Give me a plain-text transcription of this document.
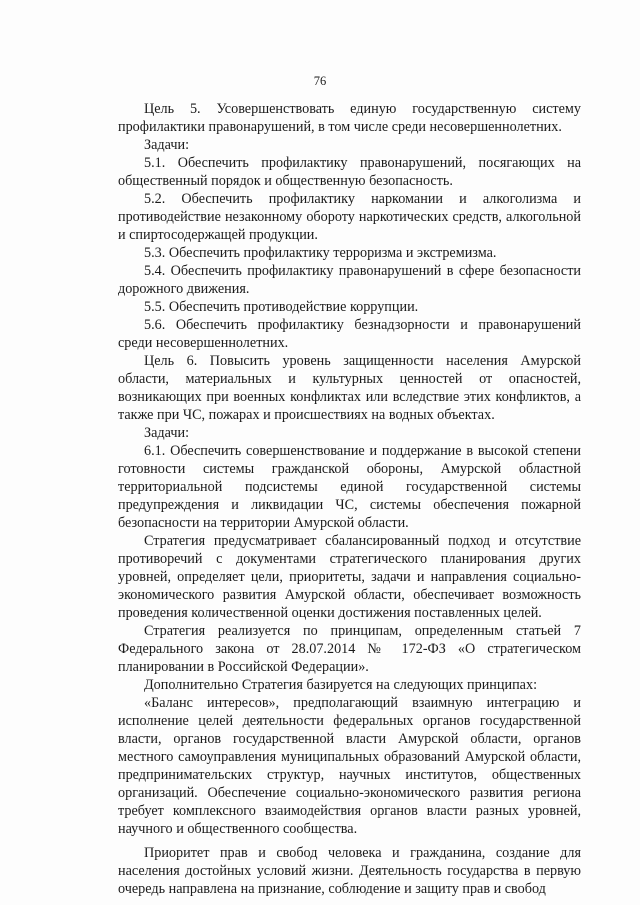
76

Цель 5. Усовершенствовать единую государственную систему профилактики правонарушений, в том числе среди несовершеннолетних.

Задачи:

5.1. Обеспечить профилактику правонарушений, посягающих на общественный порядок и общественную безопасность.

5.2. Обеспечить профилактику наркомании и алкоголизма и противодействие незаконному обороту наркотических средств, алкогольной и спиртосодержащей продукции.

5.3. Обеспечить профилактику терроризма и экстремизма.

5.4. Обеспечить профилактику правонарушений в сфере безопасности дорожного движения.

5.5. Обеспечить противодействие коррупции.

5.6. Обеспечить профилактику безнадзорности и правонарушений среди несовершеннолетних.

Цель 6. Повысить уровень защищенности населения Амурской области, материальных и культурных ценностей от опасностей, возникающих при военных конфликтах или вследствие этих конфликтов, а также при ЧС, пожарах и происшествиях на водных объектах.

Задачи:

6.1. Обеспечить совершенствование и поддержание в высокой степени готовности системы гражданской обороны, Амурской областной территориальной подсистемы единой государственной системы предупреждения и ликвидации ЧС, системы обеспечения пожарной безопасности на территории Амурской области.

Стратегия предусматривает сбалансированный подход и отсутствие противоречий с документами стратегического планирования других уровней, определяет цели, приоритеты, задачи и направления социально-экономического развития Амурской области, обеспечивает возможность проведения количественной оценки достижения поставленных целей.

Стратегия реализуется по принципам, определенным статьей 7 Федерального закона от 28.07.2014 № 172-ФЗ «О стратегическом планировании в Российской Федерации».

Дополнительно Стратегия базируется на следующих принципах:

«Баланс интересов», предполагающий взаимную интеграцию и исполнение целей деятельности федеральных органов государственной власти, органов государственной власти Амурской области, органов местного самоуправления муниципальных образований Амурской области, предпринимательских структур, научных институтов, общественных организаций. Обеспечение социально-экономического развития региона требует комплексного взаимодействия органов власти разных уровней, научного и общественного сообщества.

Приоритет прав и свобод человека и гражданина, создание для населения достойных условий жизни. Деятельность государства в первую очередь направлена на признание, соблюдение и защиту прав и свобод
